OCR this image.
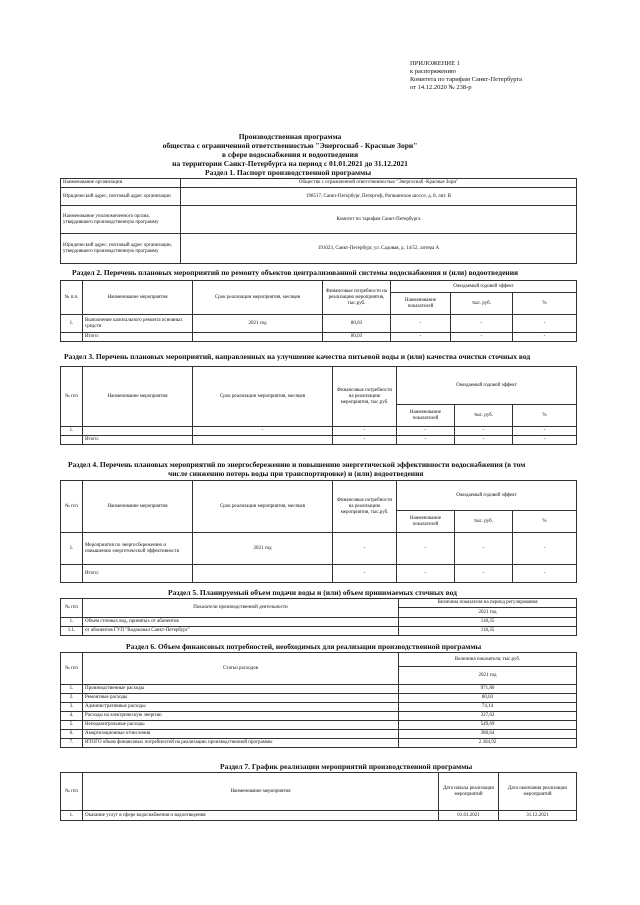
ПРИЛОЖЕНИЕ 1
к распоряжению
Комитета по тарифам Санкт-Петербурга
от 14.12.2020 № 238-р
Производственная программа
общества с ограниченной ответственностью "Энергоснаб - Красные Зори"
в сфере водоснабжения и водоотведения
на территории Санкт-Петербурга на период с 01.01.2021 до 31.12.2021
Раздел 1. Паспорт производственной программы
Наименование организации	Общество с ограниченной ответственностью "Энергоснаб -Красные Зори"
Юридический адрес, почтовый адрес организации	198517, Санкт-Петербург, Петергоф, Ропшинское шоссе, д. 8, лит. В
Наименование уполномоченного органа, утвердившего производственную программу	Комитет по тарифам Санкт-Петербурга
Юридический адрес, почтовый адрес организации, утвердившего производственную программу	191023, Санкт-Петербург, ул. Садовая, д. 14/52, литера А
Раздел 2. Перечень плановых мероприятий по ремонту объектов централизованной системы водоснабжения и (или) водоотведения
№ п.п.	Наименование мероприятия	Срок реализации мероприятия, месяцев	Финансовые потребности на реализацию мероприятия, тыс.руб.	Ожидаемый годовой эффект		
				Наименование показателей	тыс. руб.	%
1.	Выполнение капитального ремонта основных средств	2021 год	80,03	-	-	-
	Итого:		80,03	-	-	-
Раздел 3. Перечень плановых мероприятий, направленных на улучшение качества питьевой воды и (или) качества очистки сточных вод
№ п/п	Наименование мероприятия	Срок реализации мероприятия, месяцев	Финансовые потребности на реализацию мероприятия, тыс.руб.	Ожидаемый годовой эффект		
				Наименование показателей	тыс. руб.	%
1.		-	-	-	-	-
	Итого:		-	-	-	-
Раздел 4. Перечень плановых мероприятий по энергосбережению и повышению энергетической эффективности водоснабжения (в том
числе снижению потерь воды при транспортировке) и (или) водоотведения
№ п/п	Наименование мероприятия	Срок реализации мероприятия, месяцев	Финансовые потребности на реализацию мероприятия, тыс.руб.	Ожидаемый годовой эффект		
				Наименование показателей	тыс. руб.	%
1.	Мероприятия по энергосбережению и повышению энергетической эффективности	2021 год	-	-	-	-
	Итого:		-	-	-	-
Раздел 5. Планируемый объем подачи воды и (или) объем принимаемых сточных вод
№ п/п	Показатели производственной деятельности	Величина показателя на период регулирования
		2021 год
1.	Объем сточных вод, принятых от абонентов	118,35
1.1.	от абонентов ГУП "Водоканал Санкт-Петербург"	118,35
Раздел 6. Объем финансовых потребностей, необходимых для реализации производственной программы
№ п/п	Статьи расходов	Величина показателя, тыс.руб.
		2021 год
1.	Производственные расходы	971,80
2.	Ремонтные расходы	80,03
3.	Административные расходы	74,14
4.	Расходы на электрическую энергию	327,62
5.	Неподконтрольные расходы	549,69
6.	Амортизационные отчисления	380,64
7.	ИТОГО объем финансовых потребностей на реализацию производственной программы	2 304,92
Раздел 7. График реализации мероприятий производственной программы
№ п/п	Наименование мероприятия	Дата начала реализации мероприятий	Дата окончания реализации мероприятий
1.	Оказание услуг в сфере водоснабжения и водоотведения	01.01.2021	31.12.2021
